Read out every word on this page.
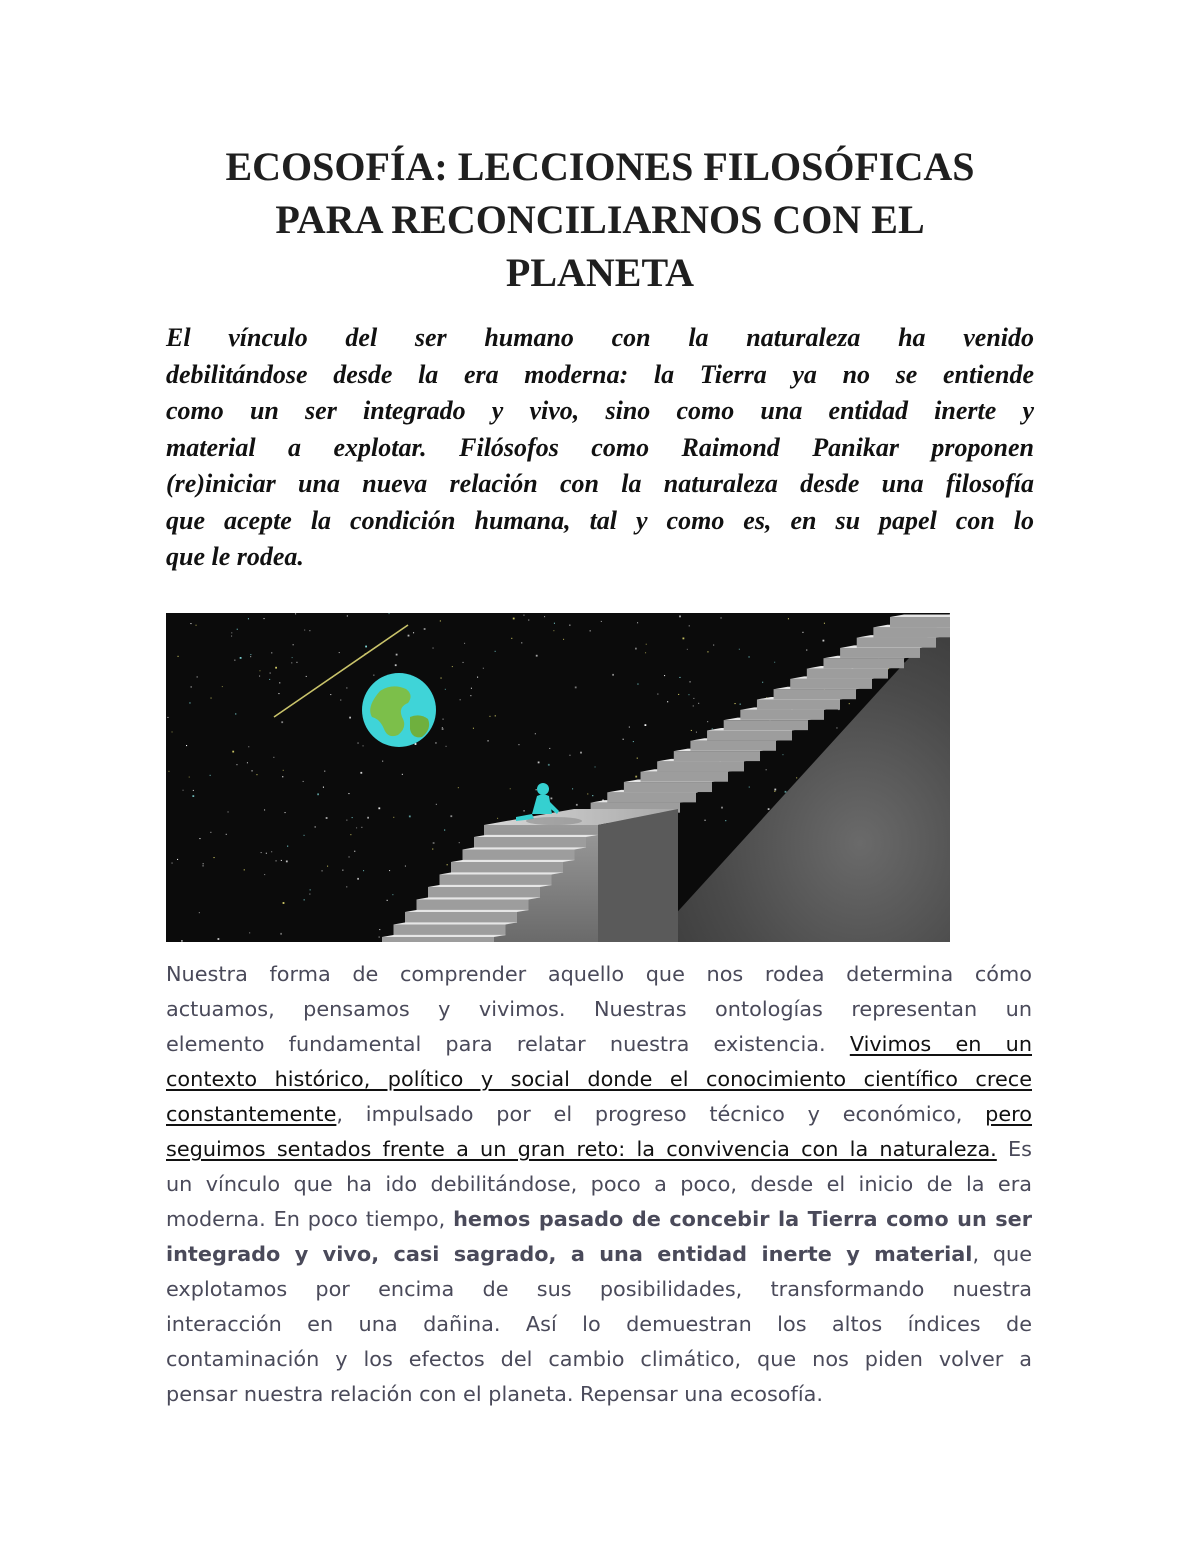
ECOSOFÍA: LECCIONES FILOSÓFICAS
PARA RECONCILIARNOS CON EL
PLANETA
El vínculo del ser humano con la naturaleza ha venido
debilitándose desde la era moderna: la Tierra ya no se entiende
como un ser integrado y vivo, sino como una entidad inerte y
material a explotar. Filósofos como Raimond Panikar proponen
(re)iniciar una nueva relación con la naturaleza desde una filosofía
que acepte la condición humana, tal y como es, en su papel con lo
que le rodea.
Nuestra forma de comprender aquello que nos rodea determina cómo
actuamos, pensamos y vivimos. Nuestras ontologías representan un
elemento fundamental para relatar nuestra existencia. Vivimos en un
contexto histórico, político y social donde el conocimiento científico crece
constantemente, impulsado por el progreso técnico y económico, pero
seguimos sentados frente a un gran reto: la convivencia con la naturaleza. Es
un vínculo que ha ido debilitándose, poco a poco, desde el inicio de la era
moderna. En poco tiempo, hemos pasado de concebir la Tierra como un ser
integrado y vivo, casi sagrado, a una entidad inerte y material, que
explotamos por encima de sus posibilidades, transformando nuestra
interacción en una dañina. Así lo demuestran los altos índices de
contaminación y los efectos del cambio climático, que nos piden volver a
pensar nuestra relación con el planeta. Repensar una ecosofía.
